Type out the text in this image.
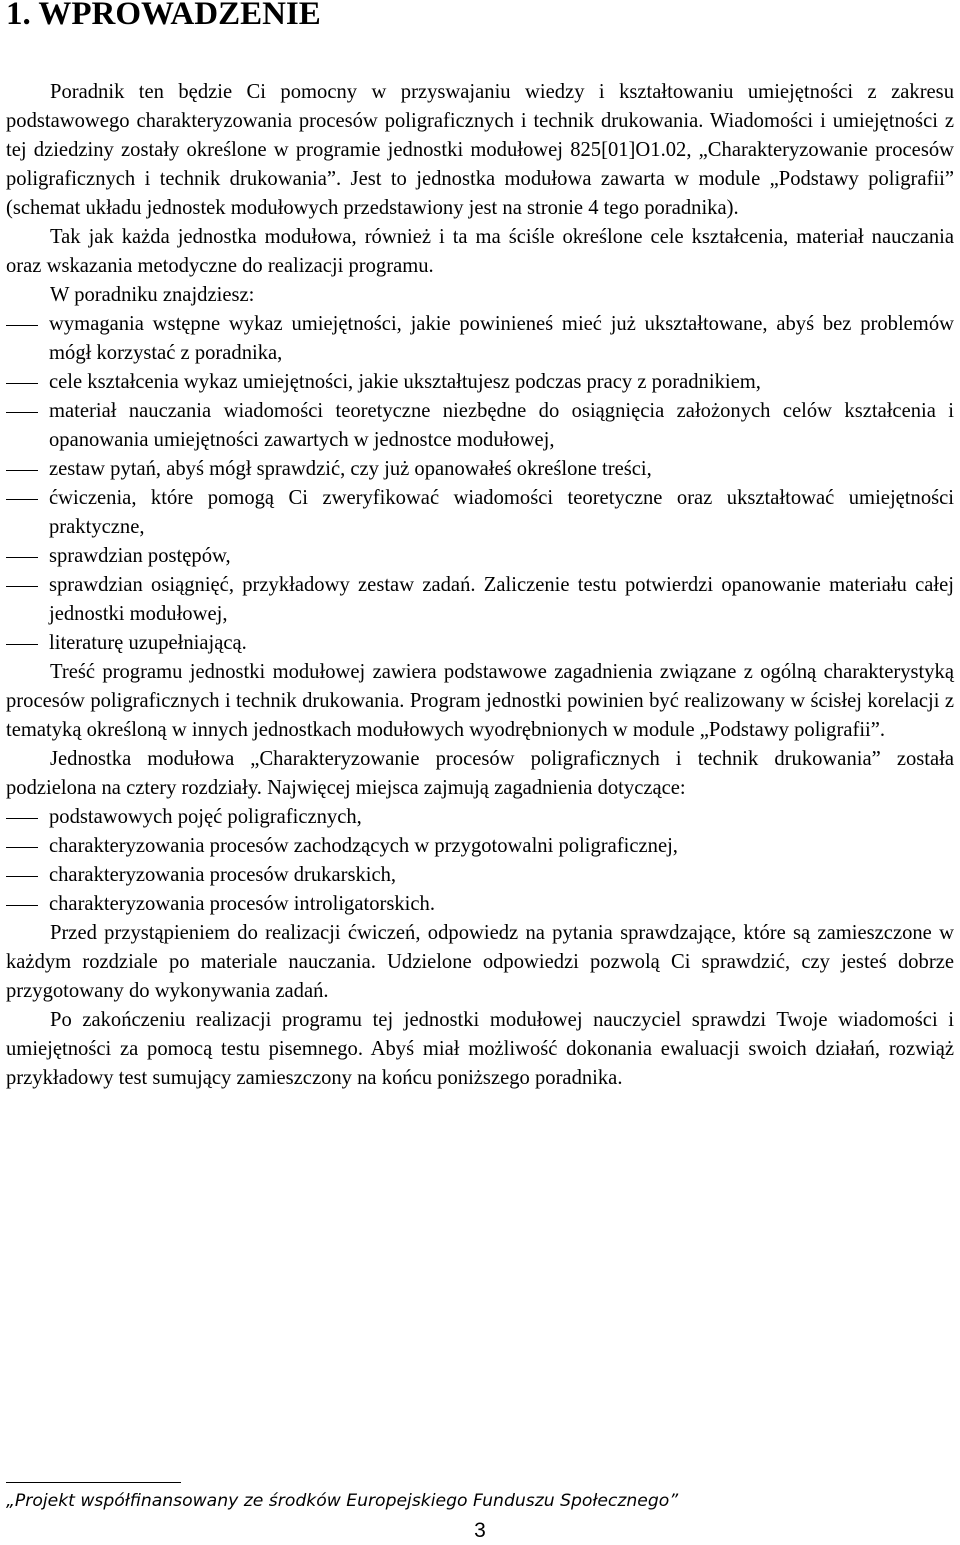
1. WPROWADZENIE

Poradnik ten będzie Ci pomocny w przyswajaniu wiedzy i kształtowaniu umiejętności z zakresu podstawowego charakteryzowania procesów poligraficznych i technik drukowania. Wiadomości i umiejętności z tej dziedziny zostały określone w programie jednostki modułowej 825[01]O1.02, „Charakteryzowanie procesów poligraficznych i technik drukowania”. Jest to jednostka modułowa zawarta w module „Podstawy poligrafii” (schemat układu jednostek modułowych przedstawiony jest na stronie 4 tego poradnika).

Tak jak każda jednostka modułowa, również i ta ma ściśle określone cele kształcenia, materiał nauczania oraz wskazania metodyczne do realizacji programu.

W poradniku znajdziesz:

wymagania wstępne wykaz umiejętności, jakie powinieneś mieć już ukształtowane, abyś bez problemów mógł korzystać z poradnika,
cele kształcenia wykaz umiejętności, jakie ukształtujesz podczas pracy z poradnikiem,
materiał nauczania wiadomości teoretyczne niezbędne do osiągnięcia założonych celów kształcenia i opanowania umiejętności zawartych w jednostce modułowej,
zestaw pytań, abyś mógł sprawdzić, czy już opanowałeś określone treści,
ćwiczenia, które pomogą Ci zweryfikować wiadomości teoretyczne oraz ukształtować umiejętności praktyczne,
sprawdzian postępów,
sprawdzian osiągnięć, przykładowy zestaw zadań. Zaliczenie testu potwierdzi opanowanie materiału całej jednostki modułowej,
literaturę uzupełniającą.

Treść programu jednostki modułowej zawiera podstawowe zagadnienia związane z ogólną charakterystyką procesów poligraficznych i technik drukowania. Program jednostki powinien być realizowany w ścisłej korelacji z tematyką określoną w innych jednostkach modułowych wyodrębnionych w module „Podstawy poligrafii”.

Jednostka modułowa „Charakteryzowanie procesów poligraficznych i technik drukowania” została podzielona na cztery rozdziały. Najwięcej miejsca zajmują zagadnienia dotyczące:

podstawowych pojęć poligraficznych,
charakteryzowania procesów zachodzących w przygotowalni poligraficznej,
charakteryzowania procesów drukarskich,
charakteryzowania procesów introligatorskich.

Przed przystąpieniem do realizacji ćwiczeń, odpowiedz na pytania sprawdzające, które są zamieszczone w każdym rozdziale po materiale nauczania. Udzielone odpowiedzi pozwolą Ci sprawdzić, czy jesteś dobrze przygotowany do wykonywania zadań.

Po zakończeniu realizacji programu tej jednostki modułowej nauczyciel sprawdzi Twoje wiadomości i umiejętności za pomocą testu pisemnego. Abyś miał możliwość dokonania ewaluacji swoich działań, rozwiąż przykładowy test sumujący zamieszczony na końcu poniższego poradnika.

„Projekt współfinansowany ze środków Europejskiego Funduszu Społecznego”
3
